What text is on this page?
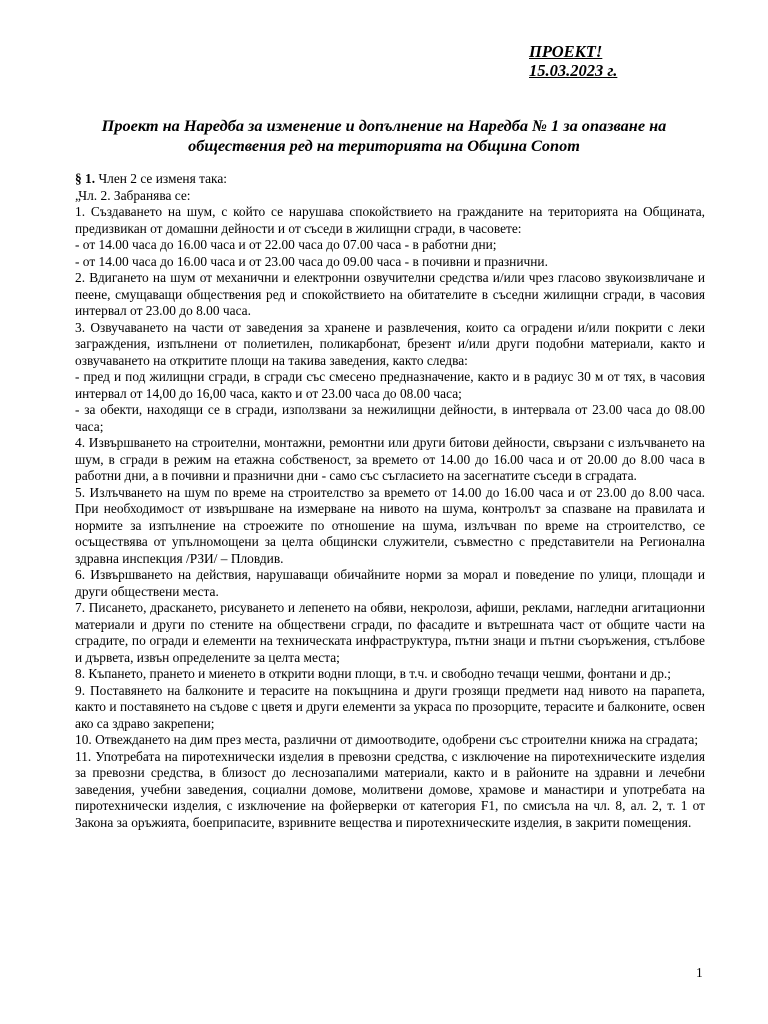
ПРОЕКТ!
15.03.2023 г.
Проект на Наредба за изменение и допълнение на Наредба № 1 за опазване на обществения ред на територията на Община Сопот

§ 1. Член 2 се изменя така:

„Чл. 2. Забранява се:

1. Създаването на шум, с който се нарушава спокойствието на гражданите на територията на Общината, предизвикан от домашни дейности и от съседи в жилищни сгради, в часовете:

- от 14.00 часа до 16.00 часа и от 22.00 часа до 07.00 часа - в работни дни;

- от 14.00 часа до 16.00 часа и от 23.00 часа до 09.00 часа - в почивни и празнични.

2. Вдигането на шум от механични и електронни озвучителни средства и/или чрез гласово звукоизвличане и пеене, смущаващи обществения ред и спокойствието на обитателите в съседни жилищни сгради, в часовия интервал от 23.00 до 8.00 часа.

3. Озвучаването на части от заведения за хранене и развлечения, които са оградени и/или покрити с леки заграждения, изпълнени от полиетилен, поликарбонат, брезент и/или други подобни материали, както и озвучаването на откритите площи на такива заведения, както следва:

- пред и под жилищни сгради, в сгради със смесено предназначение, както и в радиус 30 м от тях, в часовия интервал от 14,00 до 16,00 часа, както и от 23.00 часа до 08.00 часа;

- за обекти, находящи се в сгради, използвани за нежилищни дейности, в интервала от 23.00 часа до 08.00 часа;

4. Извършването на строителни, монтажни, ремонтни или други битови дейности, свързани с излъчването на шум, в сгради в режим на етажна собственост, за времето от 14.00 до 16.00 часа и от 20.00 до 8.00 часа в работни дни, а в почивни и празнични дни - само със съгласието на засегнатите съседи в сградата.

5. Излъчването на шум по време на строителство за времето от 14.00 до 16.00 часа и от 23.00 до 8.00 часа. При необходимост от извършване на измерване на нивото на шума, контролът за спазване на правилата и нормите за изпълнение на строежите по отношение на шума, излъчван по време на строителство, се осъществява от упълномощени за целта общински служители, съвместно с представители на Регионална здравна инспекция /РЗИ/ – Пловдив.

6. Извършването на действия, нарушаващи обичайните норми за морал и поведение по улици, площади и други обществени места.

7. Писането, драскането, рисуването и лепенето на обяви, некролози, афиши, реклами, нагледни агитационни материали и други по стените на обществени сгради, по фасадите и вътрешната част от общите части на сградите, по огради и елементи на техническата инфраструктура, пътни знаци и пътни съоръжения, стълбове и дървета, извън определените за целта места;

8. Къпането, прането и миенето в открити водни площи, в т.ч. и свободно течащи чешми, фонтани и др.;

9. Поставянето на балконите и терасите на покъщнина и други грозящи предмети над нивото на парапета, както и поставянето на съдове с цветя и други елементи за украса по прозорците, терасите и балконите, освен ако са здраво закрепени;

10. Отвеждането на дим през места, различни от димоотводите, одобрени със строителни книжа на сградата;

11. Употребата на пиротехнически изделия в превозни средства, с изключение на пиротехническите изделия за превозни средства, в близост до леснозапалими материали, както и в районите на здравни и лечебни заведения, учебни заведения, социални домове, молитвени домове, храмове и манастири и употребата на пиротехнически изделия, с изключение на фойерверки от категория F1, по смисъла на чл. 8, ал. 2, т. 1 от Закона за оръжията, боеприпасите, взривните вещества и пиротехническите изделия, в закрити помещения.

1
